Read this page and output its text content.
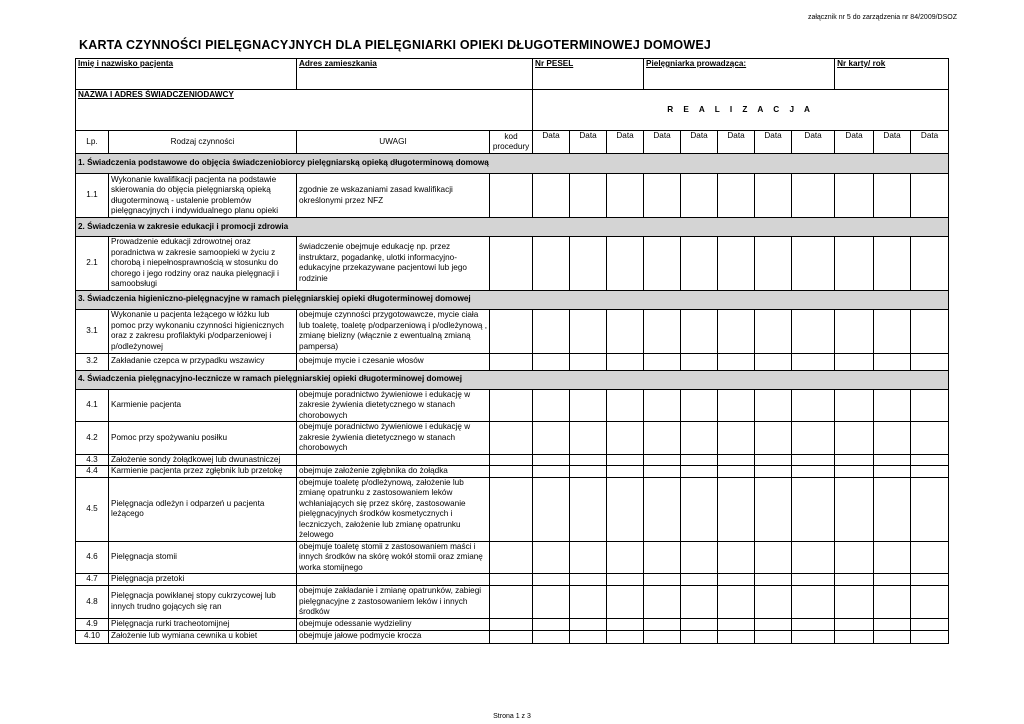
załącznik nr 5 do zarządzenia nr 84/2009/DSOZ
KARTA CZYNNOŚCI PIELĘGNACYJNYCH DLA PIELĘGNIARKI OPIEKI DŁUGOTERMINOWEJ DOMOWEJ
Imię i nazwisko pacjenta		Adres zamieszkania		Nr PESEL			Pielęgniarka prowadząca:					Nr karty/ rok		
NAZWA I ADRES ŚWIADCZENIODAWCY				R E A L I Z A C J A										
Lp.	Rodzaj czynności	UWAGI	kod procedury	Data	Data	Data	Data	Data	Data	Data	Data	Data	Data	Data
1. Świadczenia podstawowe do objęcia świadczeniobiorcy pielęgniarską opieką długoterminową domową														
1.1	Wykonanie kwalifikacji pacjenta na podstawie skierowania do objęcia pielęgniarską opieką długoterminową - ustalenie problemów pielęgnacyjnych i indywidualnego planu opieki	zgodnie ze wskazaniami zasad kwalifikacji określonymi przez NFZ												
2. Świadczenia w zakresie edukacji i promocji zdrowia														
2.1	Prowadzenie edukacji zdrowotnej oraz poradnictwa w zakresie samoopieki w życiu z chorobą i niepełnosprawnością w stosunku do chorego i jego rodziny oraz nauka pielęgnacji i samoobsługi	świadczenie obejmuje edukację np. przez instruktarz, pogadankę, ulotki informacyjno-edukacyjne przekazywane pacjentowi lub jego rodzinie												
3. Świadczenia higieniczno-pielęgnacyjne w ramach pielęgniarskiej opieki długoterminowej domowej														
3.1	Wykonanie u pacjenta leżącego w łóżku lub pomoc przy wykonaniu czynności higienicznych oraz z zakresu profilaktyki p/odparzeniowej i p/odleżynowej	obejmuje czynności przygotowawcze, mycie ciała lub toaletę, toaletę p/odparzeniową i p/odleżynową , zmianę bielizny (włącznie z ewentualną zmianą pampersa)												
3.2	Zakładanie czepca w przypadku wszawicy	obejmuje mycie i czesanie włosów												
4. Świadczenia pielęgnacyjno-lecznicze w ramach pielęgniarskiej opieki długoterminowej domowej														
4.1	Karmienie pacjenta	obejmuje poradnictwo żywieniowe i edukację w zakresie żywienia dietetycznego w stanach chorobowych												
4.2	Pomoc przy spożywaniu posiłku	obejmuje poradnictwo żywieniowe i edukację w zakresie żywienia dietetycznego w stanach chorobowych												
4.3	Założenie sondy żołądkowej lub dwunastniczej													
4.4	Karmienie pacjenta przez zgłębnik lub przetokę	obejmuje założenie zgłębnika do żołądka												
4.5	Pielęgnacja odleżyn i odparzeń u pacjenta leżącego	obejmuje toaletę p/odleżynową, założenie lub zmianę opatrunku z zastosowaniem leków wchłaniających się przez skórę, zastosowanie pielęgnacyjnych środków kosmetycznych i leczniczych, założenie lub zmianę opatrunku żelowego												
4.6	Pielęgnacja stomii	obejmuje toaletę stomii z zastosowaniem maści i innych środków na skórę wokół stomii oraz zmianę worka stomijnego												
4.7	Pielęgnacja przetoki													
4.8	Pielęgnacja powikłanej stopy cukrzycowej lub innych trudno gojących się ran	obejmuje zakładanie i zmianę opatrunków, zabiegi pielęgnacyjne z zastosowaniem leków i innych środków												
4.9	Pielęgnacja rurki tracheotomijnej	obejmuje odessanie wydzieliny												
4.10	Założenie lub wymiana cewnika u kobiet	obejmuje jałowe podmycie krocza												
Strona 1 z 3
